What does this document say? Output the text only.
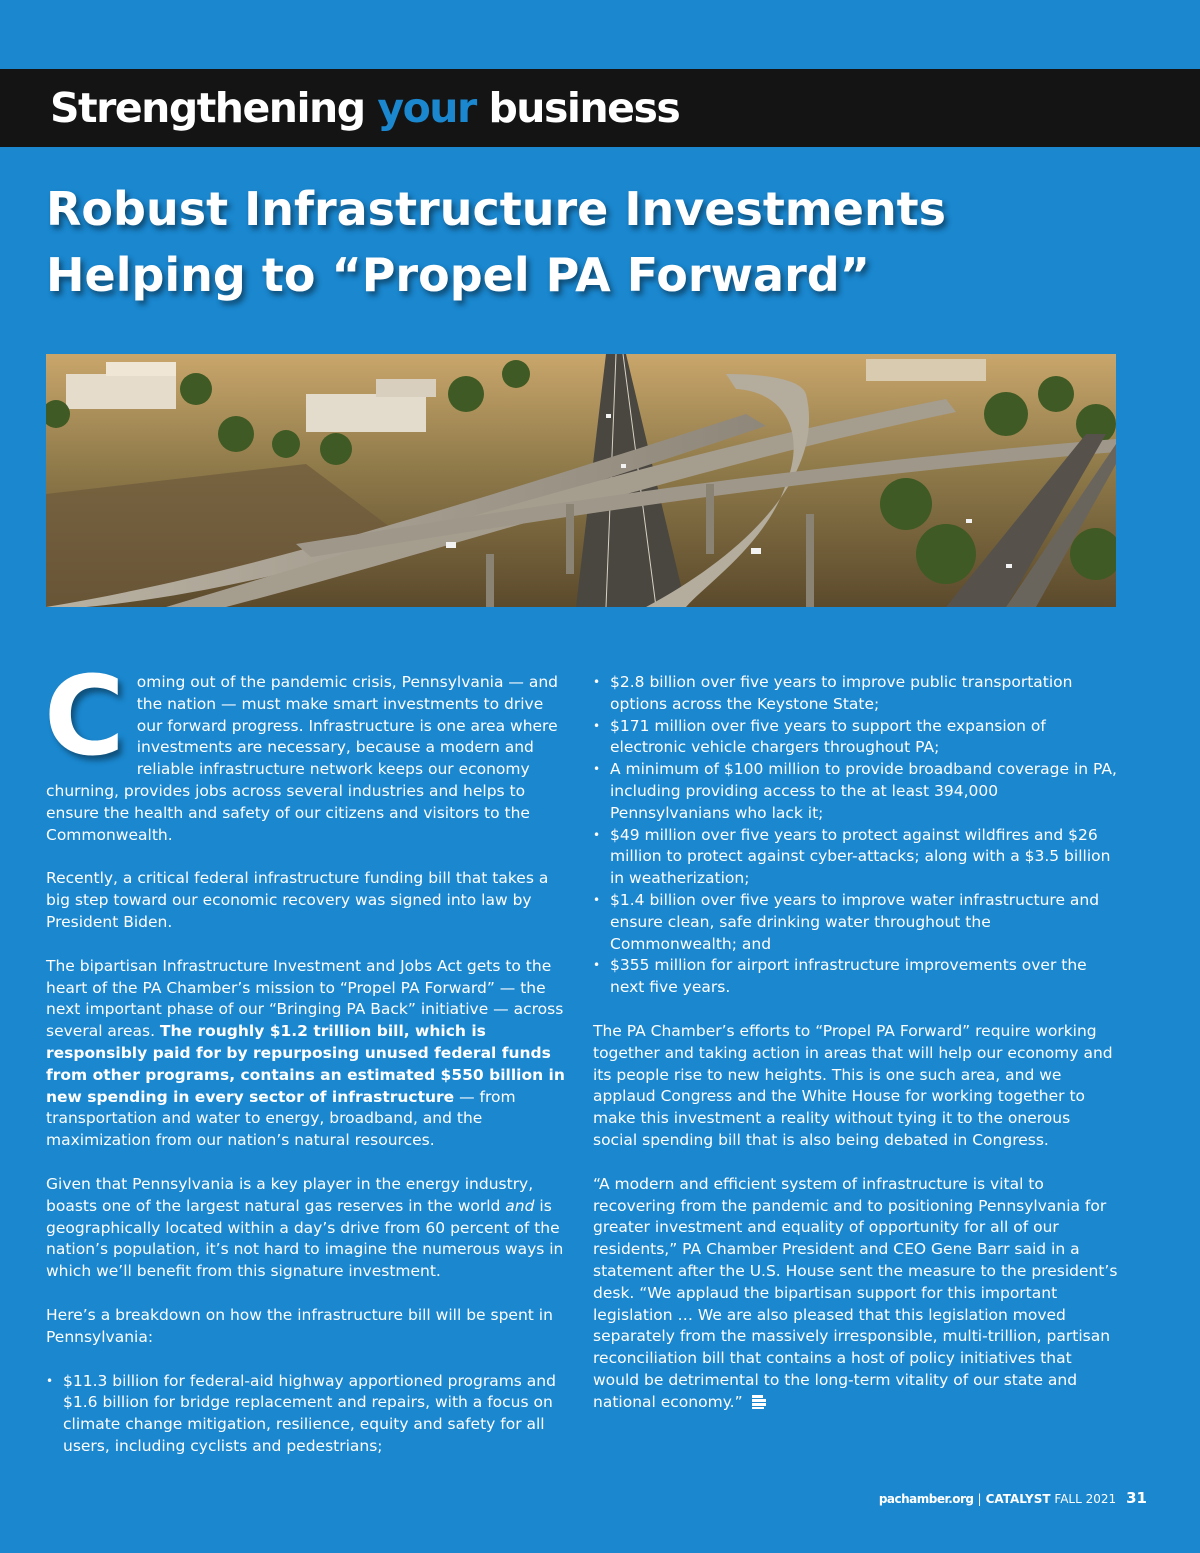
Strengthening your business
Robust Infrastructure Investments
Helping to “Propel PA Forward”

Coming out of the pandemic crisis, Pennsylvania — and the nation — must make smart investments to drive our forward progress. Infrastructure is one area where investments are necessary, because a modern and reliable infrastructure network keeps our economy churning, provides jobs across several industries and helps to ensure the health and safety of our citizens and visitors to the Commonwealth.

Recently, a critical federal infrastructure funding bill that takes a big step toward our economic recovery was signed into law by President Biden.

The bipartisan Infrastructure Investment and Jobs Act gets to the heart of the PA Chamber’s mission to “Propel PA Forward” — the next important phase of our “Bringing PA Back” initiative — across several areas. The roughly $1.2 trillion bill, which is responsibly paid for by repurposing unused federal funds from other programs, contains an estimated $550 billion in new spending in every sector of infrastructure — from transportation and water to energy, broadband, and the maximization from our nation’s natural resources.

Given that Pennsylvania is a key player in the energy industry, boasts one of the largest natural gas reserves in the world and is geographically located within a day’s drive from 60 percent of the nation’s population, it’s not hard to imagine the numerous ways in which we’ll benefit from this signature investment.

Here’s a breakdown on how the infrastructure bill will be spent in Pennsylvania:

• $11.3 billion for federal-aid highway apportioned programs and $1.6 billion for bridge replacement and repairs, with a focus on climate change mitigation, resilience, equity and safety for all users, including cyclists and pedestrians;
• $2.8 billion over five years to improve public transportation options across the Keystone State;
• $171 million over five years to support the expansion of electronic vehicle chargers throughout PA;
• A minimum of $100 million to provide broadband coverage in PA, including providing access to the at least 394,000 Pennsylvanians who lack it;
• $49 million over five years to protect against wildfires and $26 million to protect against cyber-attacks; along with a $3.5 billion in weatherization;
• $1.4 billion over five years to improve water infrastructure and ensure clean, safe drinking water throughout the Commonwealth; and
• $355 million for airport infrastructure improvements over the next five years.

The PA Chamber’s efforts to “Propel PA Forward” require working together and taking action in areas that will help our economy and its people rise to new heights. This is one such area, and we applaud Congress and the White House for working together to make this investment a reality without tying it to the onerous social spending bill that is also being debated in Congress.

“A modern and efficient system of infrastructure is vital to recovering from the pandemic and to positioning Pennsylvania for greater investment and equality of opportunity for all of our residents,” PA Chamber President and CEO Gene Barr said in a statement after the U.S. House sent the measure to the president’s desk. “We applaud the bipartisan support for this important legislation … We are also pleased that this legislation moved separately from the massively irresponsible, multi-trillion, partisan reconciliation bill that contains a host of policy initiatives that would be detrimental to the long-term vitality of our state and national economy.”

pachamber.org | CATALYST FALL 2021 31
